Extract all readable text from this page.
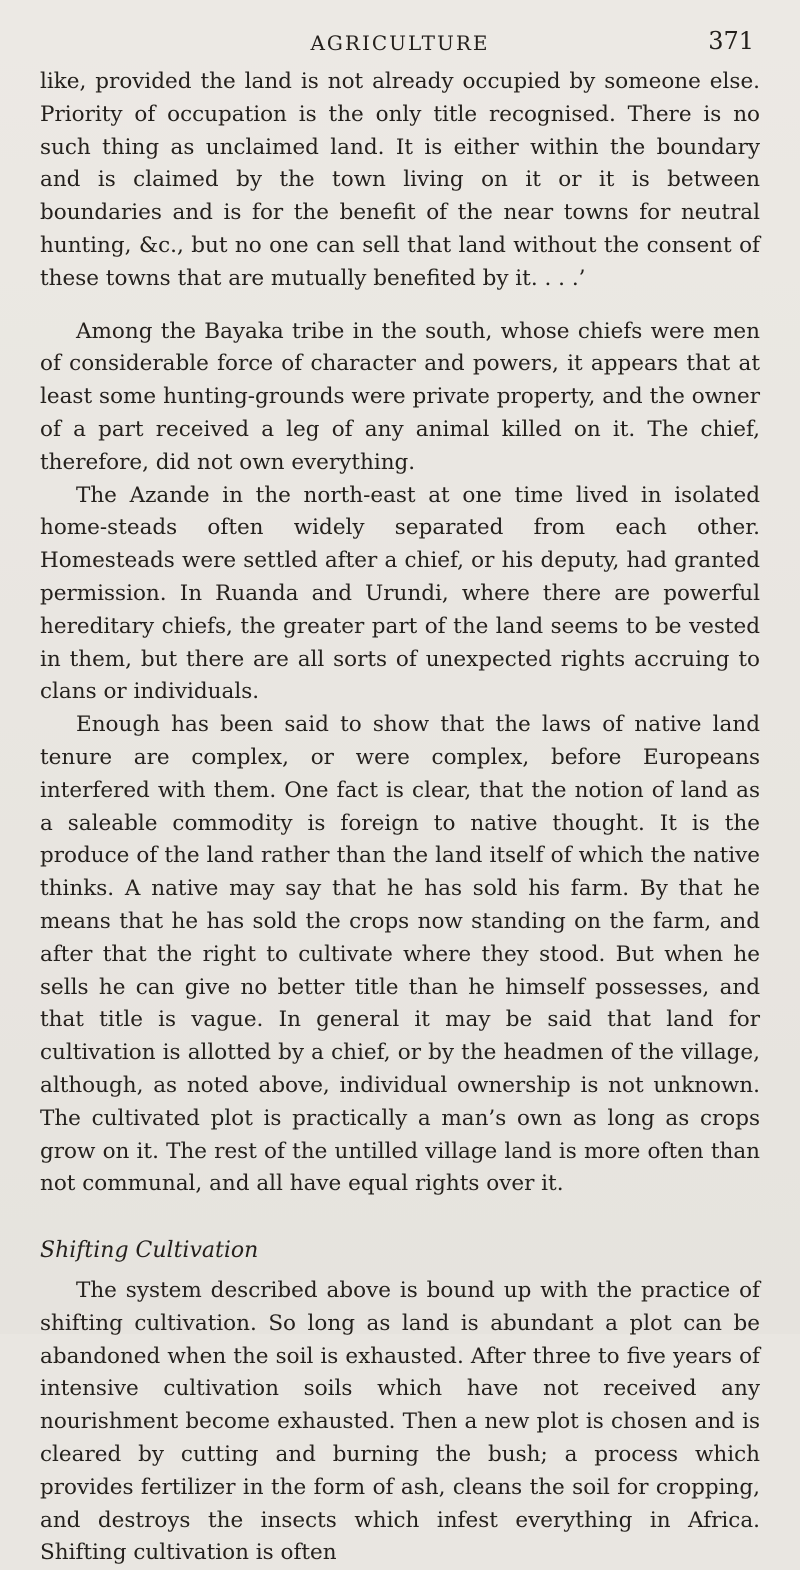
AGRICULTURE	371

like, provided the land is not already occupied by someone else. Priority of occupation is the only title recognised. There is no such thing as unclaimed land. It is either within the boundary and is claimed by the town living on it or it is between boundaries and is for the benefit of the near towns for neutral hunting, &c., but no one can sell that land without the consent of these towns that are mutually benefited by it. . . .’

Among the Bayaka tribe in the south, whose chiefs were men of considerable force of character and powers, it appears that at least some hunting-grounds were private property, and the owner of a part received a leg of any animal killed on it. The chief, therefore, did not own everything.

The Azande in the north-east at one time lived in isolated home-steads often widely separated from each other. Homesteads were settled after a chief, or his deputy, had granted permission. In Ruanda and Urundi, where there are powerful hereditary chiefs, the greater part of the land seems to be vested in them, but there are all sorts of unexpected rights accruing to clans or individuals.

Enough has been said to show that the laws of native land tenure are complex, or were complex, before Europeans interfered with them. One fact is clear, that the notion of land as a saleable commodity is foreign to native thought. It is the produce of the land rather than the land itself of which the native thinks. A native may say that he has sold his farm. By that he means that he has sold the crops now standing on the farm, and after that the right to cultivate where they stood. But when he sells he can give no better title than he himself possesses, and that title is vague. In general it may be said that land for cultivation is allotted by a chief, or by the headmen of the village, although, as noted above, individual ownership is not unknown. The cultivated plot is practically a man’s own as long as crops grow on it. The rest of the untilled village land is more often than not communal, and all have equal rights over it.

Shifting Cultivation

The system described above is bound up with the practice of shifting cultivation. So long as land is abundant a plot can be abandoned when the soil is exhausted. After three to five years of intensive cultivation soils which have not received any nourishment become exhausted. Then a new plot is chosen and is cleared by cutting and burning the bush; a process which provides fertilizer in the form of ash, cleans the soil for cropping, and destroys the insects which infest everything in Africa. Shifting cultivation is often
